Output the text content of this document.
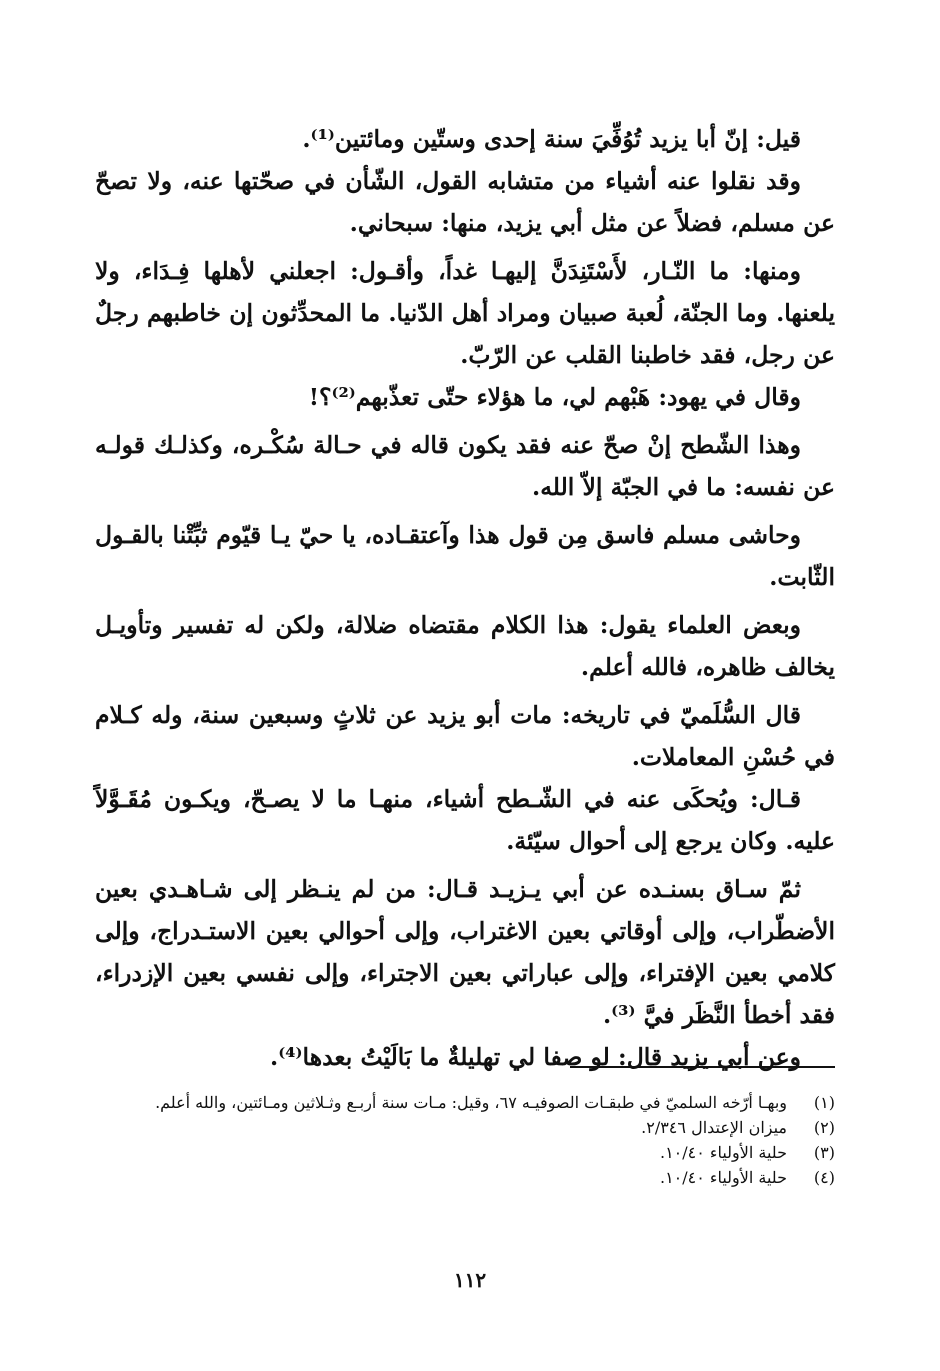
قيل: إنّ أبا يزيد تُوُفِّيَ سنة إحدى وستّين ومائتين⁽¹⁾.

وقد نقلوا عنه أشياء من متشابه القول، الشّأن في صحّتها عنه، ولا تصحّ عن مسلم، فضلاً عن مثل أبي يزيد، منها: سبحاني.

ومنها: ما النّـار، لأَسْتَنِدَنَّ إليهـا غداً، وأقـول: اجعلني لأهلها فِـدَاء، ولا يلعنها. وما الجنّة، لُعبة صبيان ومراد أهل الدّنيا. ما المحدِّثون إن خاطبهم رجلٌ عن رجل، فقد خاطبنا القلب عن الرّبّ.

وقال في يهود: هَبْهم لي، ما هؤلاء حتّى تعذّبهم⁽²⁾؟!

وهذا الشّطح إنْ صحّ عنه فقد يكون قاله في حـالة سُكْـره، وكذلـك قولـه عن نفسه: ما في الجبّة إلاّ الله.

وحاشى مسلم فاسق مِن قول هذا وآعتقـاده، يا حيّ يـا قيّوم ثبِّتْنا بالقـول الثّابت.

وبعض العلماء يقول: هذا الكلام مقتضاه ضلالة، ولكن له تفسير وتأويـل يخالف ظاهره، فالله أعلم.

قال السُّلَميّ في تاريخه: مات أبو يزيد عن ثلاثٍ وسبعين سنة، وله كـلام في حُسْنِ المعاملات.

قـال: ويُحكَى عنه في الشّـطح أشياء، منهـا ما لا يصـحّ، ويكـون مُقَـوَّلاً عليه. وكان يرجع إلى أحوال سيّئة.

ثمّ سـاق بسنـده عن أبي يـزيـد قـال: من لم ينـظر إلى شـاهـدي بعين الأضطّراب، وإلى أوقاتي بعين الاغتراب، وإلى أحوالي بعين الاستـدراج، وإلى كلامي بعين الإفتراء، وإلى عباراتي بعين الاجتراء، وإلى نفسي بعين الإزدراء، فقد أخطأ النَّظَر فيَّ ⁽³⁾.

وعن أبي يزيد قال: لو صفا لي تهليلةٌ ما بَالَيْتُ بعدها⁽⁴⁾.

(١)
وبهـا أرّخه السلميّ في طبقـات الصوفيـه ٦٧، وقيل: مـات سنة أربـع وثـلاثين ومـائتين، والله أعلم.
(٢)
ميزان الإعتدال ٢/٣٤٦.
(٣)
حلية الأولياء ١٠/٤٠.
(٤)
حلية الأولياء ١٠/٤٠.
١١٢
